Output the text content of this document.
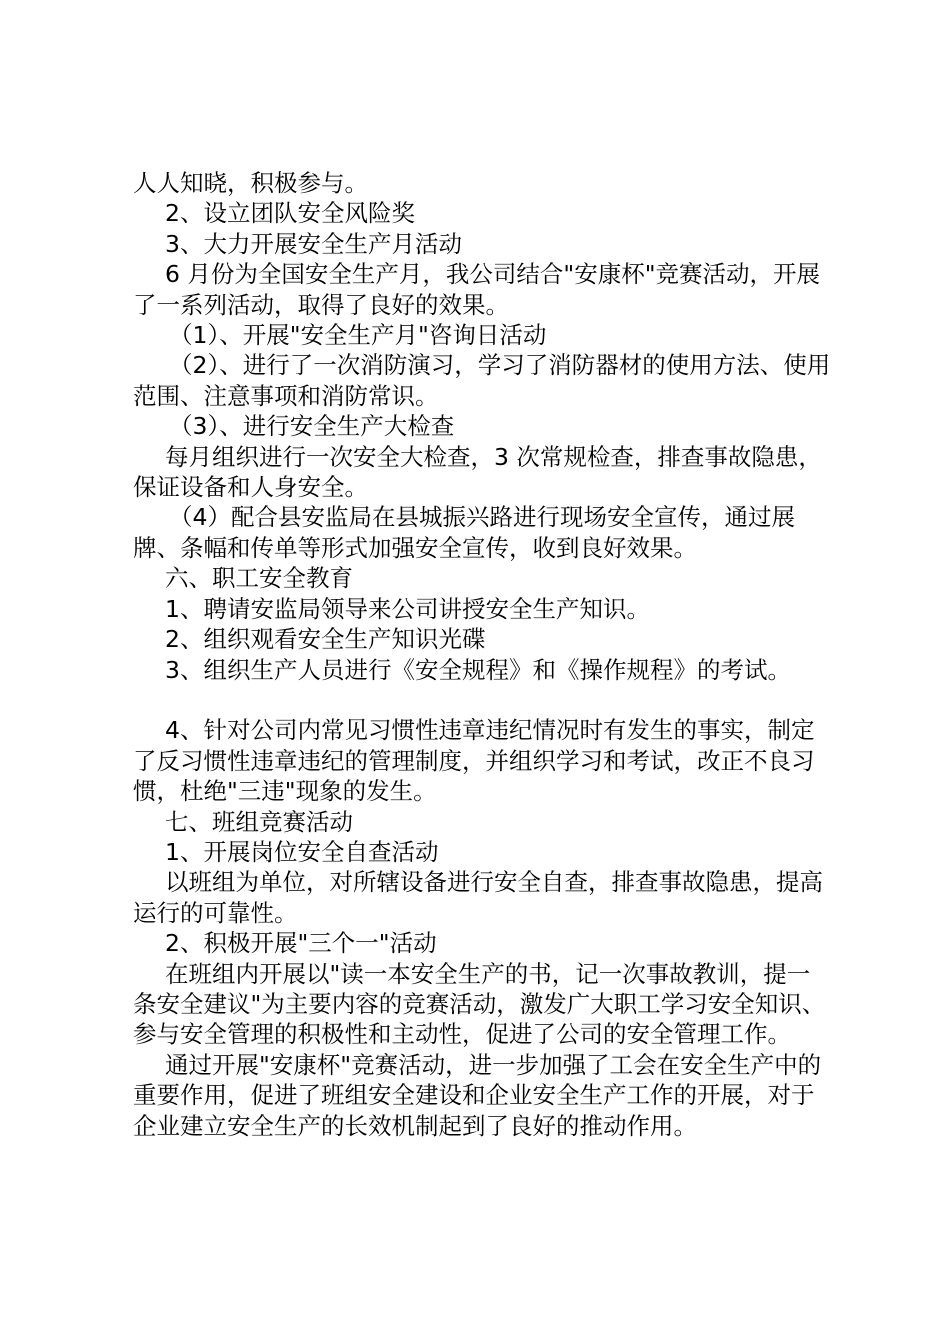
人人知晓，积极参与。

2、设立团队安全风险奖

3、大力开展安全生产月活动

6 月份为全国安全生产月，我公司结合"安康杯"竞赛活动，开展了一系列活动，取得了良好的效果。

（1）、开展"安全生产月"咨询日活动

（2）、进行了一次消防演习，学习了消防器材的使用方法、使用范围、注意事项和消防常识。

（3）、进行安全生产大检查

每月组织进行一次安全大检查，3 次常规检查，排查事故隐患，保证设备和人身安全。

（4）配合县安监局在县城振兴路进行现场安全宣传，通过展牌、条幅和传单等形式加强安全宣传，收到良好效果。

六、职工安全教育

1、聘请安监局领导来公司讲授安全生产知识。

2、组织观看安全生产知识光碟

3、组织生产人员进行《安全规程》和《操作规程》的考试。

4、针对公司内常见习惯性违章违纪情况时有发生的事实，制定了反习惯性违章违纪的管理制度，并组织学习和考试，改正不良习惯，杜绝"三违"现象的发生。

七、班组竞赛活动

1、开展岗位安全自查活动

以班组为单位，对所辖设备进行安全自查，排查事故隐患，提高运行的可靠性。

2、积极开展"三个一"活动

在班组内开展以"读一本安全生产的书，记一次事故教训，提一条安全建议"为主要内容的竞赛活动，激发广大职工学习安全知识、参与安全管理的积极性和主动性，促进了公司的安全管理工作。

通过开展"安康杯"竞赛活动，进一步加强了工会在安全生产中的重要作用，促进了班组安全建设和企业安全生产工作的开展，对于企业建立安全生产的长效机制起到了良好的推动作用。
